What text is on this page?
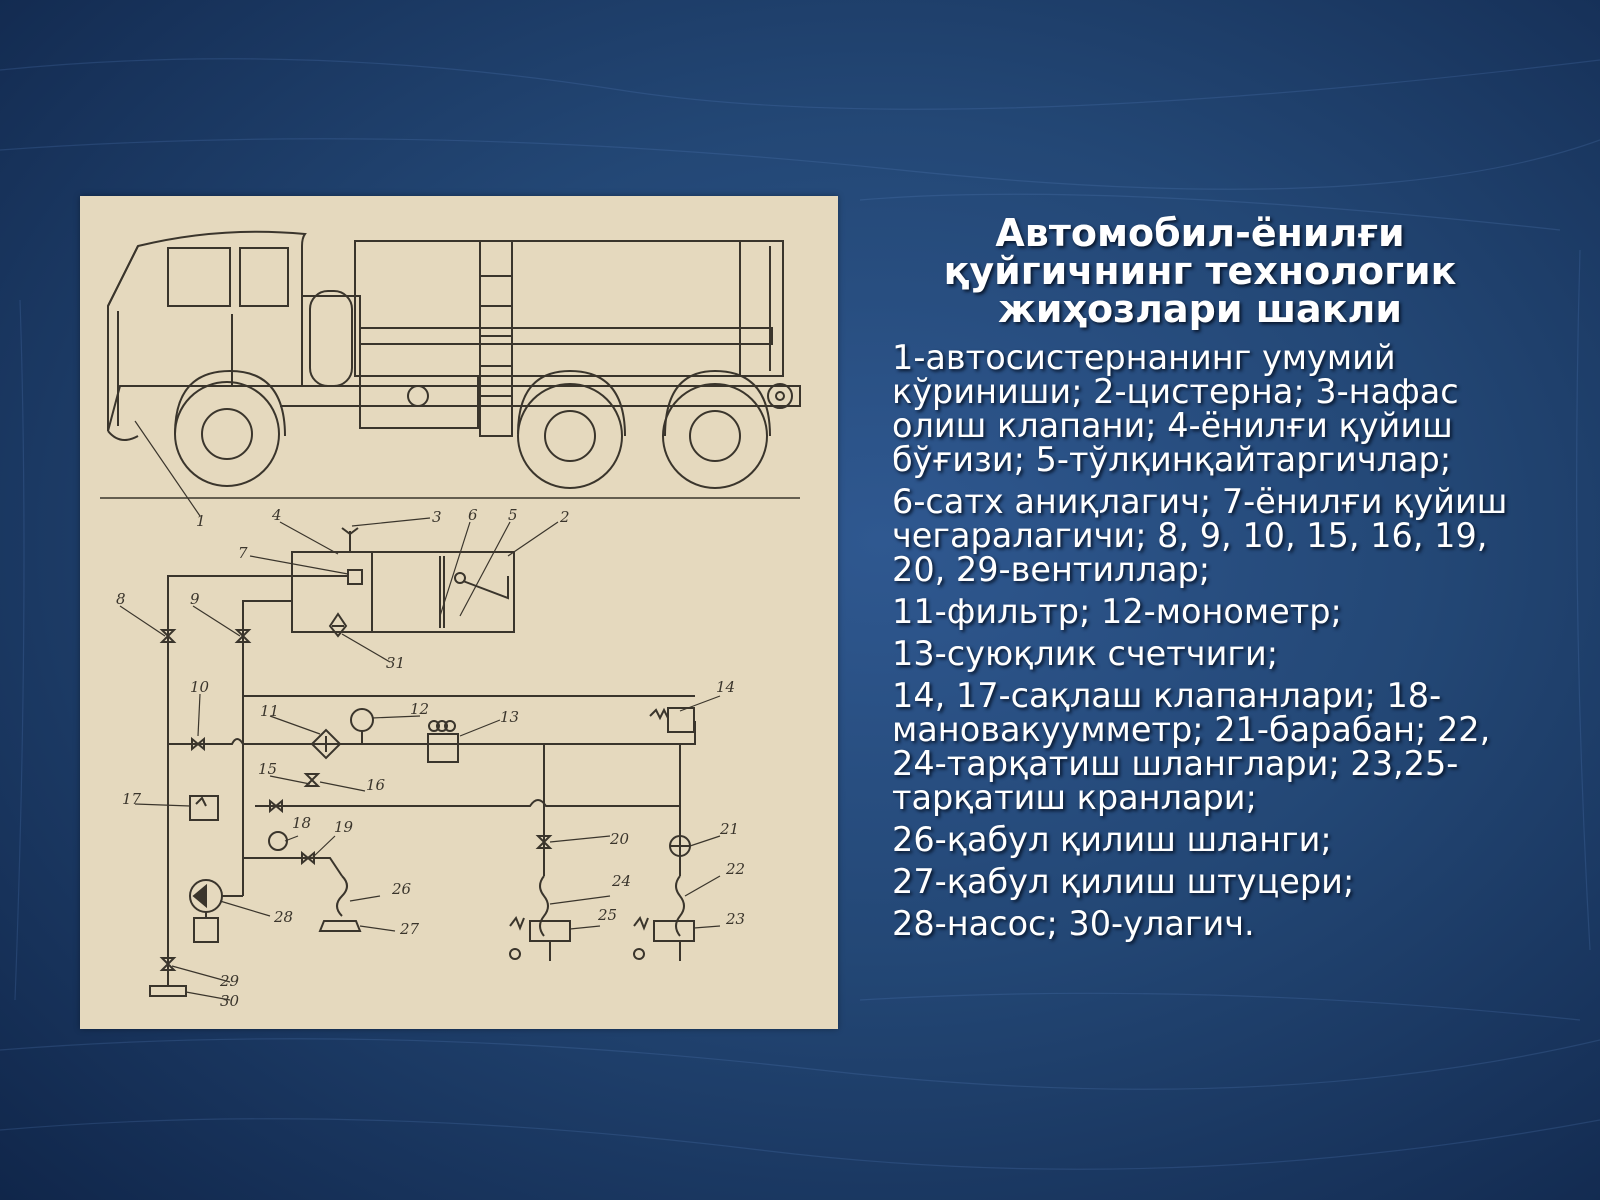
1	2
3
4	5
6
7
8	9
10
11	12	13
14
15
16
17
18 19
20
21
22
23
24
25
26
27
28
29
30
31
Автомобил-ёнилғи қуйгичнинг технологик жиҳозлари шакли

1-автосистернанинг умумий кўриниши; 2-цистерна; 3-нафас олиш клапани; 4-ёнилғи қуйиш бўғизи; 5-тўлқинқайтаргичлар;

6-сатх аниқлагич; 7-ёнилғи қуйиш чегаралагичи; 8, 9, 10, 15, 16, 19, 20, 29-вентиллар;

11-фильтр; 12-монометр;

13-суюқлик счетчиги;

14, 17-сақлаш клапанлари; 18-мановакуумметр; 21-барабан; 22, 24-тарқатиш шланглари; 23,25-тарқатиш кранлари;

26-қабул қилиш шланги;

27-қабул қилиш штуцери;

28-насос; 30-улагич.
